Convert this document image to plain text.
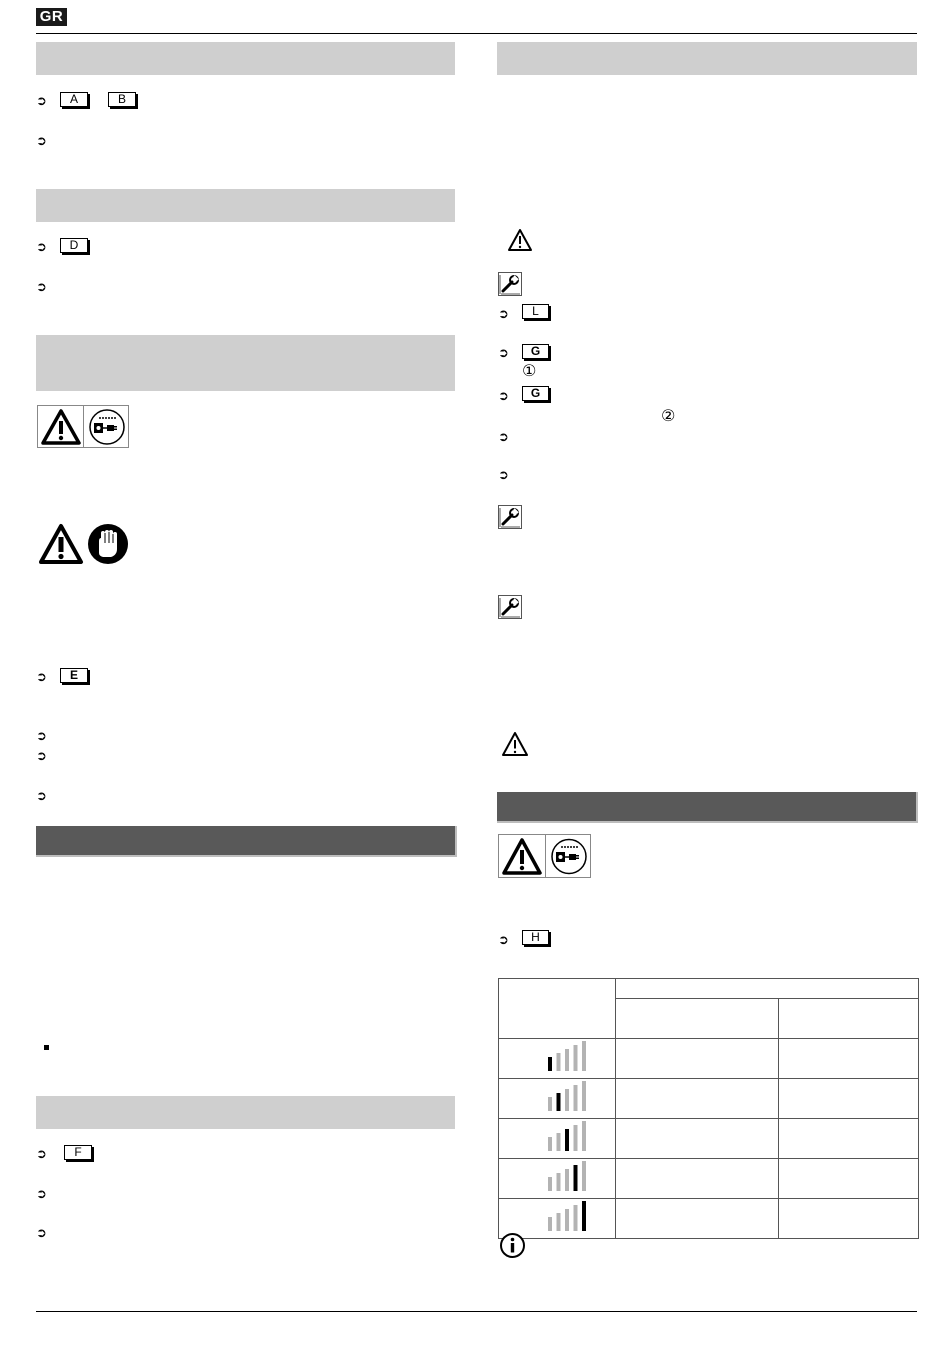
GR
➲	A	B
➲
➲	D
➲
➲	E
➲
➲
➲
➲	F
➲
➲
➲	L
➲	G
①
➲	G
②
➲
➲
➲	H
